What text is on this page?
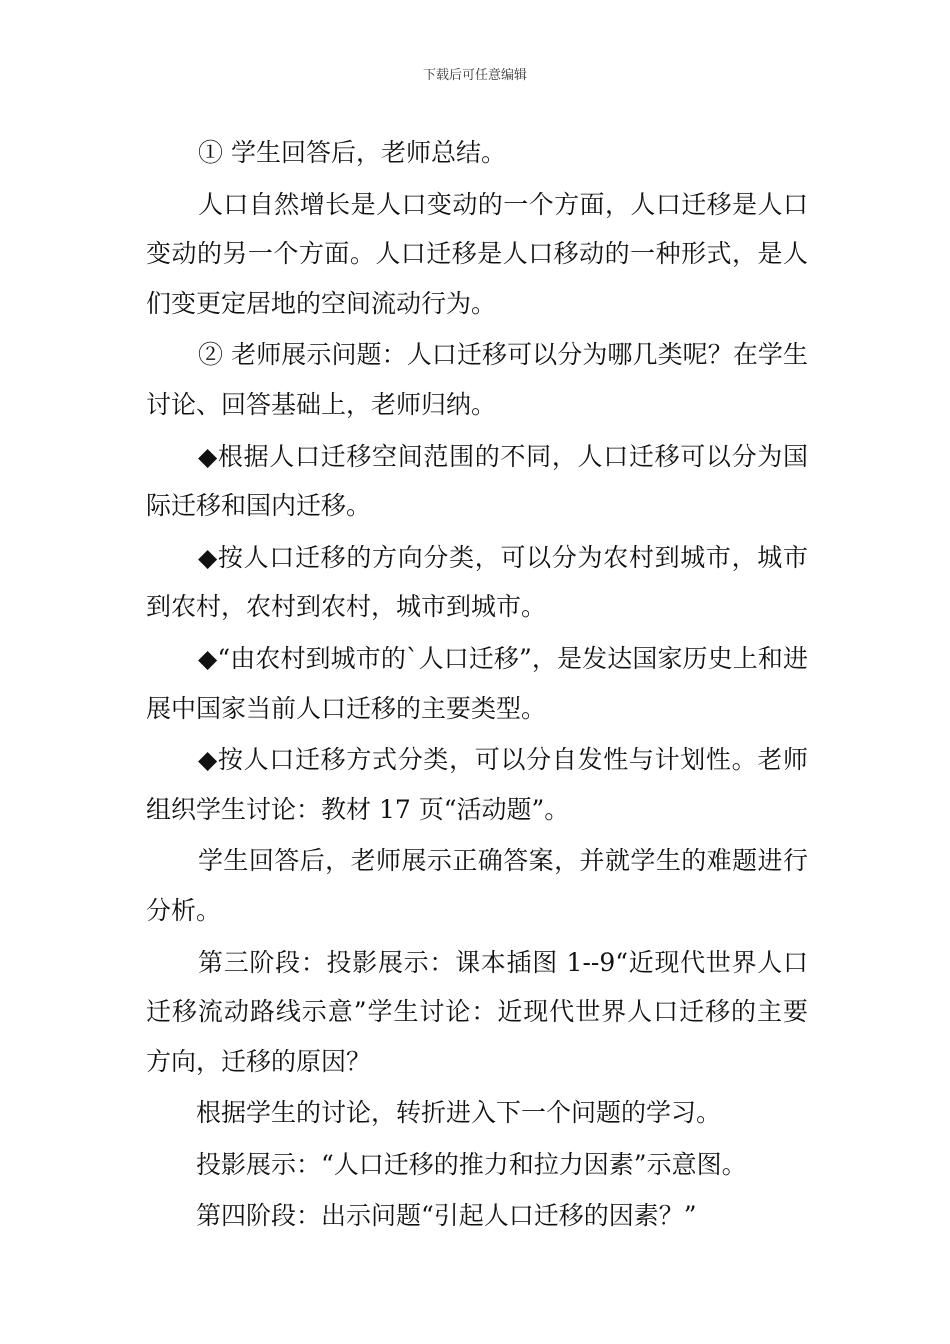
下载后可任意编辑

① 学生回答后，老师总结。

人口自然增长是人口变动的一个方面，人口迁移是人口变动的另一个方面。人口迁移是人口移动的一种形式，是人们变更定居地的空间流动行为。

② 老师展示问题：人口迁移可以分为哪几类呢？在学生讨论、回答基础上，老师归纳。

◆根据人口迁移空间范围的不同，人口迁移可以分为国际迁移和国内迁移。

◆按人口迁移的方向分类，可以分为农村到城市，城市到农村，农村到农村，城市到城市。

◆“由农村到城市的`人口迁移”，是发达国家历史上和进展中国家当前人口迁移的主要类型。

◆按人口迁移方式分类，可以分自发性与计划性。老师组织学生讨论：教材 17 页“活动题”。

学生回答后，老师展示正确答案，并就学生的难题进行分析。

第三阶段：投影展示：课本插图 1--9“近现代世界人口迁移流动路线示意”学生讨论：近现代世界人口迁移的主要方向，迁移的原因？

根据学生的讨论，转折进入下一个问题的学习。

投影展示：“人口迁移的推力和拉力因素”示意图。

第四阶段：出示问题“引起人口迁移的因素？”
